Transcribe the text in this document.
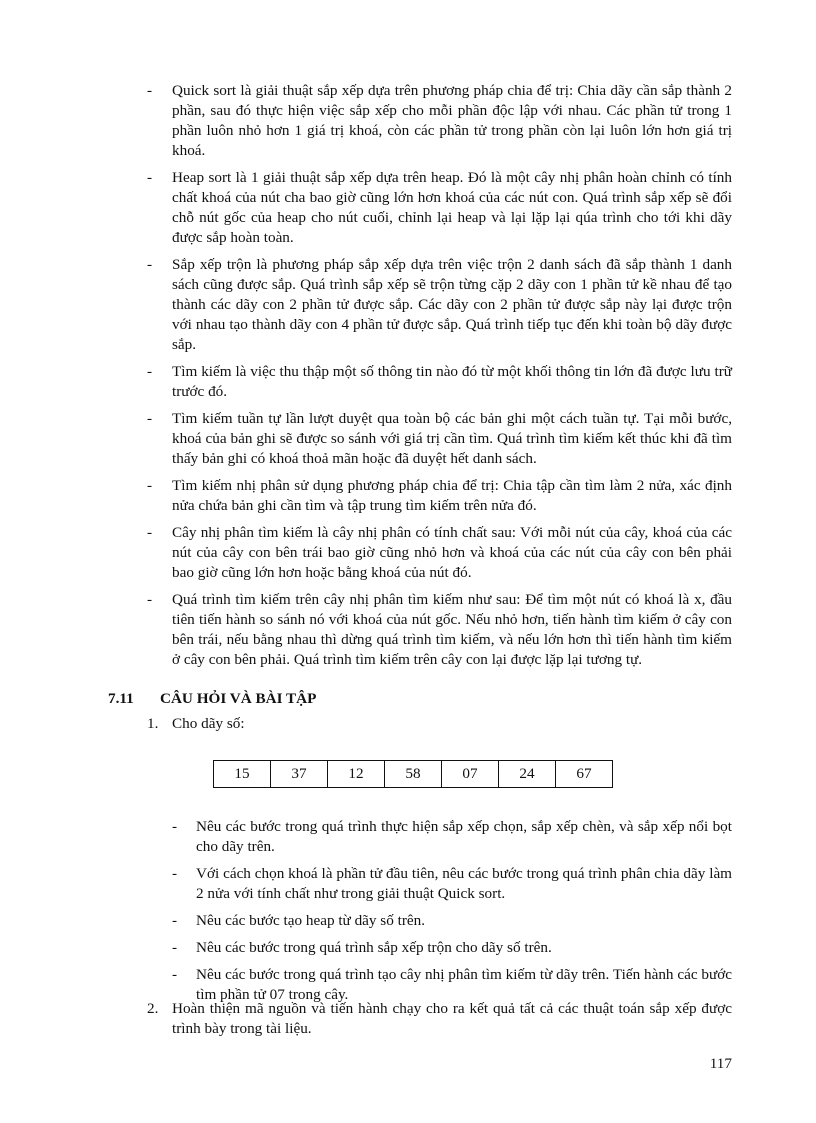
- Quick sort là giải thuật sắp xếp dựa trên phương pháp chia để trị: Chia dãy cần sắp thành 2 phần, sau đó thực hiện việc sắp xếp cho mỗi phần độc lập với nhau. Các phần tử trong 1 phần luôn nhỏ hơn 1 giá trị khoá, còn các phần tử trong phần còn lại luôn lớn hơn giá trị khoá.
- Heap sort là 1 giải thuật sắp xếp dựa trên heap. Đó là một cây nhị phân hoàn chỉnh có tính chất khoá của nút cha bao giờ cũng lớn hơn khoá của các nút con. Quá trình sắp xếp sẽ đổi chỗ nút gốc của heap cho nút cuối, chỉnh lại heap và lại lặp lại qúa trình cho tới khi dãy được sắp hoàn toàn.
- Sắp xếp trộn là phương pháp sắp xếp dựa trên việc trộn 2 danh sách đã sắp thành 1 danh sách cũng được sắp. Quá trình sắp xếp sẽ trộn từng cặp 2 dãy con 1 phần tử kề nhau để tạo thành các dãy con 2 phần tử được sắp. Các dãy con 2 phần tử được sắp này lại được trộn với nhau tạo thành dãy con 4 phần tử được sắp. Quá trình tiếp tục đến khi toàn bộ dãy được sắp.
- Tìm kiếm là việc thu thập một số thông tin nào đó từ một khối thông tin lớn đã được lưu trữ trước đó.
- Tìm kiếm tuần tự lần lượt duyệt qua toàn bộ các bản ghi một cách tuần tự. Tại mỗi bước, khoá của bản ghi sẽ được so sánh với giá trị cần tìm. Quá trình tìm kiếm kết thúc khi đã tìm thấy bản ghi có khoá thoả mãn hoặc đã duyệt hết danh sách.
- Tìm kiếm nhị phân sử dụng phương pháp chia để trị: Chia tập cần tìm làm 2 nửa, xác định nửa chứa bản ghi cần tìm và tập trung tìm kiếm trên nửa đó.
- Cây nhị phân tìm kiếm là cây nhị phân có tính chất sau: Với mỗi nút của cây, khoá của các nút của cây con bên trái bao giờ cũng nhỏ hơn và khoá của các nút của cây con bên phải bao giờ cũng lớn hơn hoặc bằng khoá của nút đó.
- Quá trình tìm kiếm trên cây nhị phân tìm kiếm như sau: Để tìm một nút có khoá là x, đầu tiên tiến hành so sánh nó với khoá của nút gốc. Nếu nhỏ hơn, tiến hành tìm kiếm ở cây con bên trái, nếu bằng nhau thì dừng quá trình tìm kiếm, và nếu lớn hơn thì tiến hành tìm kiếm ở cây con bên phải. Quá trình tìm kiếm trên cây con lại được lặp lại tương tự.
7.11 CÂU HỎI VÀ BÀI TẬP
1. Cho dãy số:
15	37	12	58	07	24	67
- Nêu các bước trong quá trình thực hiện sắp xếp chọn, sắp xếp chèn, và sắp xếp nổi bọt cho dãy trên.
- Với cách chọn khoá là phần tử đầu tiên, nêu các bước trong quá trình phân chia dãy làm 2 nửa với tính chất như trong giải thuật Quick sort.
- Nêu các bước tạo heap từ dãy số trên.
- Nêu các bước trong quá trình sắp xếp trộn cho dãy số trên.
- Nêu các bước trong quá trình tạo cây nhị phân tìm kiếm từ dãy trên. Tiến hành các bước tìm phần tử 07 trong cây.
2. Hoàn thiện mã nguồn và tiến hành chạy cho ra kết quả tất cả các thuật toán sắp xếp được trình bày trong tài liệu.
117
